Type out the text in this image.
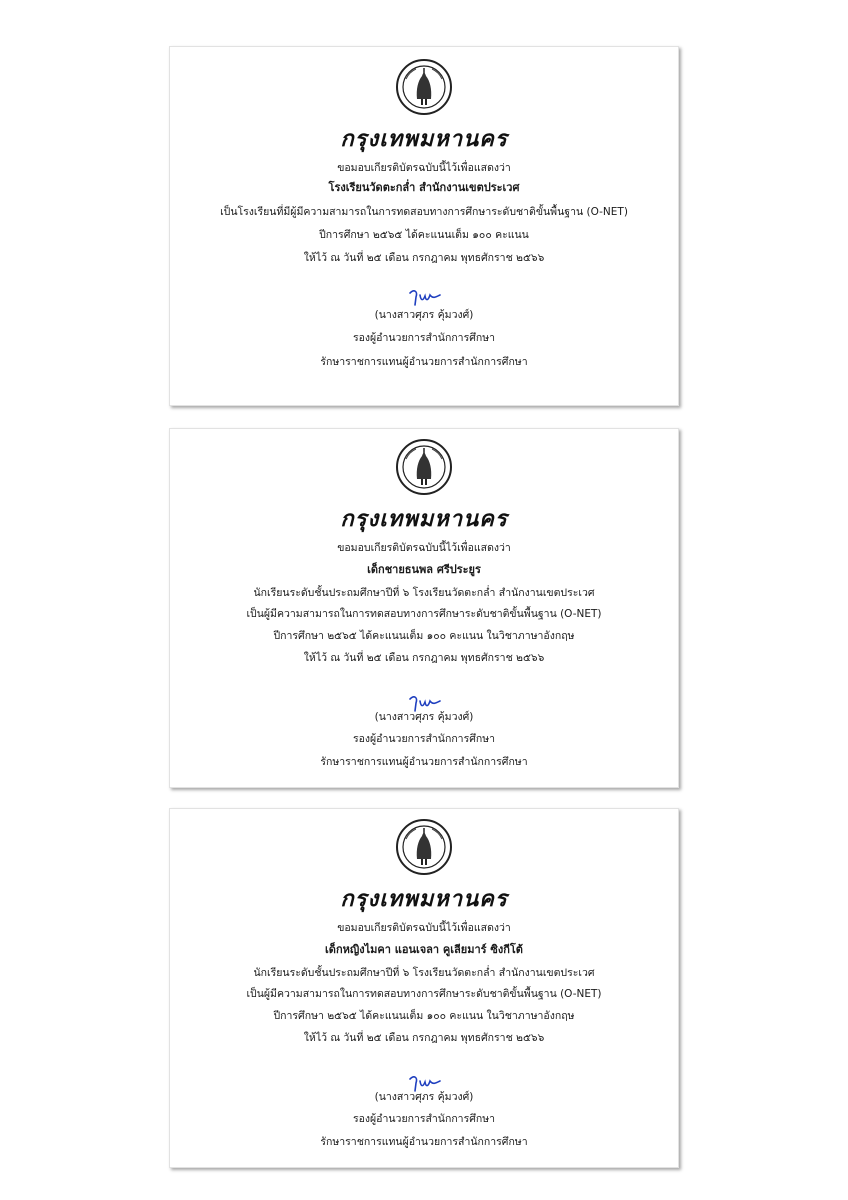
กรุงเทพมหานคร
ขอมอบเกียรติบัตรฉบับนี้ไว้เพื่อแสดงว่า
โรงเรียนวัดตะกล่ำ สำนักงานเขตประเวศ
เป็นโรงเรียนที่มีผู้มีความสามารถในการทดสอบทางการศึกษาระดับชาติขั้นพื้นฐาน (O-NET)
ปีการศึกษา ๒๕๖๕ ได้คะแนนเต็ม ๑๐๐ คะแนน
ให้ไว้ ณ วันที่ ๒๕ เดือน กรกฎาคม พุทธศักราช ๒๕๖๖
(นางสาวศุภร คุ้มวงศ์)
รองผู้อำนวยการสำนักการศึกษา
รักษาราชการแทนผู้อำนวยการสำนักการศึกษา
กรุงเทพมหานคร
ขอมอบเกียรติบัตรฉบับนี้ไว้เพื่อแสดงว่า
เด็กชายธนพล ศรีประยูร
นักเรียนระดับชั้นประถมศึกษาปีที่ ๖ โรงเรียนวัดตะกล่ำ สำนักงานเขตประเวศ
เป็นผู้มีความสามารถในการทดสอบทางการศึกษาระดับชาติขั้นพื้นฐาน (O-NET)
ปีการศึกษา ๒๕๖๕ ได้คะแนนเต็ม ๑๐๐ คะแนน ในวิชาภาษาอังกฤษ
ให้ไว้ ณ วันที่ ๒๕ เดือน กรกฎาคม พุทธศักราช ๒๕๖๖
(นางสาวศุภร คุ้มวงศ์)
รองผู้อำนวยการสำนักการศึกษา
รักษาราชการแทนผู้อำนวยการสำนักการศึกษา
กรุงเทพมหานคร
ขอมอบเกียรติบัตรฉบับนี้ไว้เพื่อแสดงว่า
เด็กหญิงไมคา แอนเจลา คูเลียมาร์ ซิงกีโต้
นักเรียนระดับชั้นประถมศึกษาปีที่ ๖ โรงเรียนวัดตะกล่ำ สำนักงานเขตประเวศ
เป็นผู้มีความสามารถในการทดสอบทางการศึกษาระดับชาติขั้นพื้นฐาน (O-NET)
ปีการศึกษา ๒๕๖๕ ได้คะแนนเต็ม ๑๐๐ คะแนน ในวิชาภาษาอังกฤษ
ให้ไว้ ณ วันที่ ๒๕ เดือน กรกฎาคม พุทธศักราช ๒๕๖๖
(นางสาวศุภร คุ้มวงศ์)
รองผู้อำนวยการสำนักการศึกษา
รักษาราชการแทนผู้อำนวยการสำนักการศึกษา
